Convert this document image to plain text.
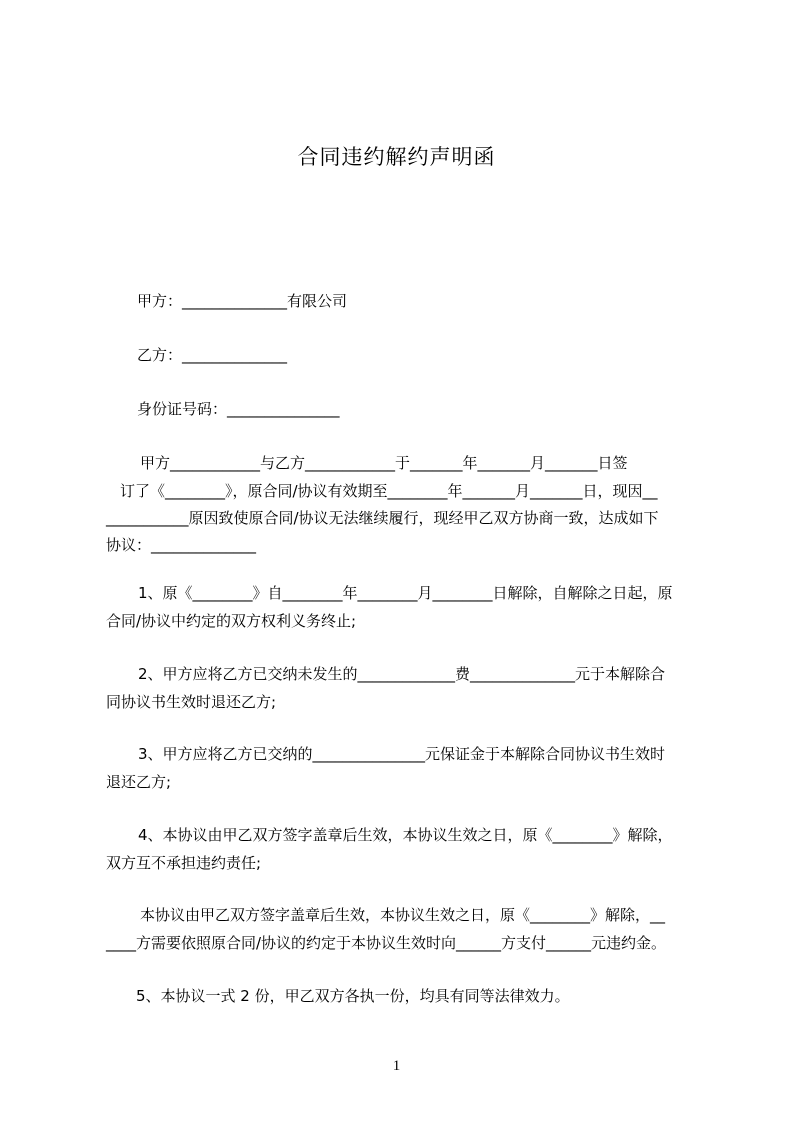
合同违约解约声明函
甲方：______________有限公司
乙方：______________
身份证号码：_______________
甲方____________与乙方____________于_______年_______月_______日签
订了《________》，原合同/协议有效期至________年_______月_______日，现因__
___________原因致使原合同/协议无法继续履行，现经甲乙双方协商一致，达成如下
协议：______________
1、原《________》自________年________月________日解除，自解除之日起，原
合同/协议中约定的双方权利义务终止;
2、甲方应将乙方已交纳未发生的_____________费______________元于本解除合
同协议书生效时退还乙方;
3、甲方应将乙方已交纳的_______________元保证金于本解除合同协议书生效时
退还乙方;
4、本协议由甲乙双方签字盖章后生效，本协议生效之日，原《________》解除，
双方互不承担违约责任;
本协议由甲乙双方签字盖章后生效，本协议生效之日，原《________》解除，__
____方需要依照原合同/协议的约定于本协议生效时向______方支付______元违约金。
5、本协议一式 2 份，甲乙双方各执一份，均具有同等法律效力。
1
